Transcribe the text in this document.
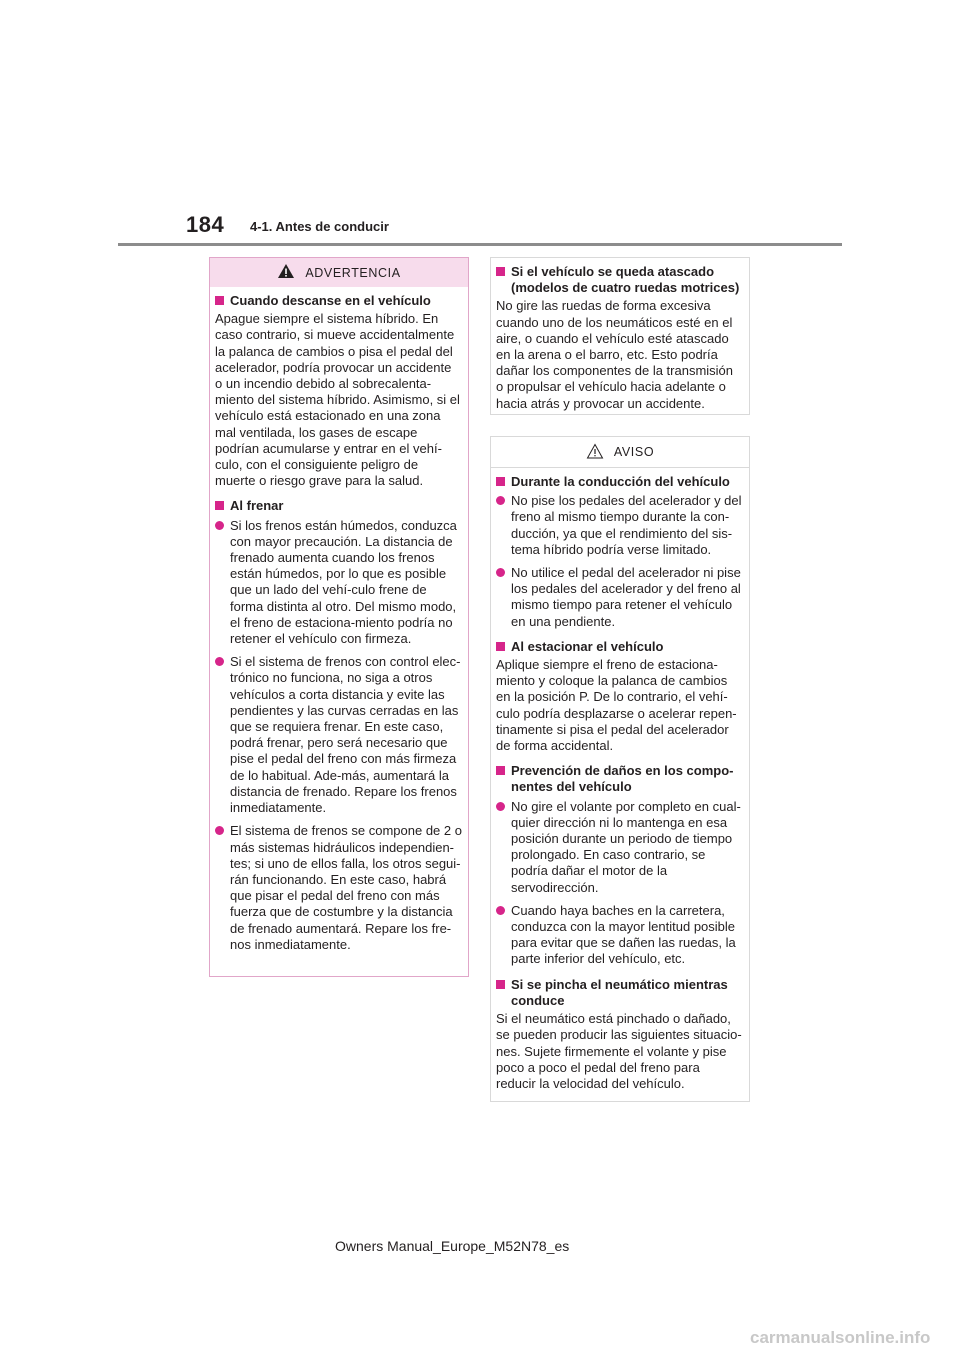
184 4-1. Antes de conducir
ADVERTENCIA
Cuando descanse en el vehículo

Apague siempre el sistema híbrido. En caso contrario, si mueve accidentalmente la palanca de cambios o pisa el pedal del acelerador, podría provocar un accidente o un incendio debido al sobrecalenta-miento del sistema híbrido. Asimismo, si el vehículo está estacionado en una zona mal ventilada, los gases de escape podrían acumularse y entrar en el vehí-culo, con el consiguiente peligro de muerte o riesgo grave para la salud.

Al frenar
Si los frenos están húmedos, conduzca con mayor precaución. La distancia de frenado aumenta cuando los frenos están húmedos, por lo que es posible que un lado del vehí-culo frene de forma distinta al otro. Del mismo modo, el freno de estaciona-miento podría no retener el vehículo con firmeza.
Si el sistema de frenos con control elec-trónico no funciona, no siga a otros vehículos a corta distancia y evite las pendientes y las curvas cerradas en las que se requiera frenar. En este caso, podrá frenar, pero será necesario que pise el pedal del freno con más firmeza de lo habitual. Ade-más, aumentará la distancia de frenado. Repare los frenos inmediatamente.
El sistema de frenos se compone de 2 o más sistemas hidráulicos independien-tes; si uno de ellos falla, los otros segui-rán funcionando. En este caso, habrá que pisar el pedal del freno con más fuerza que de costumbre y la distancia de frenado aumentará. Repare los fre-nos inmediatamente.
Si el vehículo se queda atascado (modelos de cuatro ruedas motrices)

No gire las ruedas de forma excesiva cuando uno de los neumáticos esté en el aire, o cuando el vehículo esté atascado en la arena o el barro, etc. Esto podría dañar los componentes de la transmisión o propulsar el vehículo hacia adelante o hacia atrás y provocar un accidente.

AVISO
Durante la conducción del vehículo
No pise los pedales del acelerador y del freno al mismo tiempo durante la con-ducción, ya que el rendimiento del sis-tema híbrido podría verse limitado.
No utilice el pedal del acelerador ni pise los pedales del acelerador y del freno al mismo tiempo para retener el vehículo en una pendiente.
Al estacionar el vehículo

Aplique siempre el freno de estaciona-miento y coloque la palanca de cambios en la posición P. De lo contrario, el vehí-culo podría desplazarse o acelerar repen-tinamente si pisa el pedal del acelerador de forma accidental.

Prevención de daños en los compo-nentes del vehículo
No gire el volante por completo en cual-quier dirección ni lo mantenga en esa posición durante un periodo de tiempo prolongado. En caso contrario, se podría dañar el motor de la servodirección.
Cuando haya baches en la carretera, conduzca con la mayor lentitud posible para evitar que se dañen las ruedas, la parte inferior del vehículo, etc.
Si se pincha el neumático mientras conduce

Si el neumático está pinchado o dañado, se pueden producir las siguientes situacio-nes. Sujete firmemente el volante y pise poco a poco el pedal del freno para reducir la velocidad del vehículo.

Owners Manual_Europe_M52N78_es
carmanualsonline.info
